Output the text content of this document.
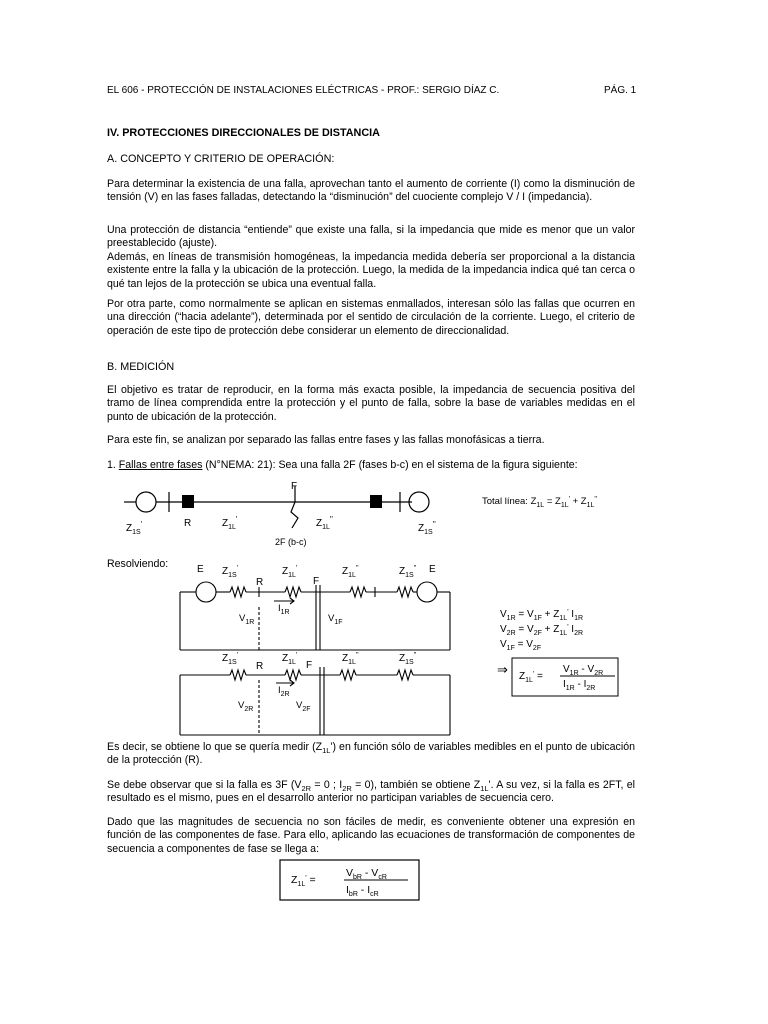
EL 606 - PROTECCIÓN DE INSTALACIONES ELÉCTRICAS - PROF.: SERGIO DÍAZ C.	PÁG. 1
IV. PROTECCIONES DIRECCIONALES DE DISTANCIA
A. CONCEPTO Y CRITERIO DE OPERACIÓN:

Para determinar la existencia de una falla, aprovechan tanto el aumento de corriente (I) como la disminución de tensión (V) en las fases falladas, detectando la “disminución” del cuociente complejo V / I (impedancia).

Una protección de distancia “entiende” que existe una falla, si la impedancia que mide es menor que un valor preestablecido (ajuste).

Además, en líneas de transmisión homogéneas, la impedancia medida debería ser proporcional a la distancia existente entre la falla y la ubicación de la protección. Luego, la medida de la impedancia indica qué tan cerca o qué tan lejos de la protección se ubica una eventual falla.

Por otra parte, como normalmente se aplican en sistemas enmallados, interesan sólo las fallas que ocurren en una dirección (“hacia adelante”), determinada por el sentido de circulación de la corriente. Luego, el criterio de operación de este tipo de protección debe considerar un elemento de direccionalidad.

B. MEDICIÓN

El objetivo es tratar de reproducir, en la forma más exacta posible, la impedancia de secuencia positiva del tramo de línea comprendida entre la protección y el punto de falla, sobre la base de variables medidas en el punto de ubicación de la protección.

Para este fin, se analizan por separado las fallas entre fases y las fallas monofásicas a tierra.

1. Fallas entre fases (N°NEMA: 21): Sea una falla 2F (fases b-c) en el sistema de la figura siguiente:
F
R
$Z_{1S}'$	$Z_{1L}'$	$Z_{1L}''$
$Z_{1S}''$
2F (b-c)
Total línea: $Z_{1L} = Z_{1L}' + Z_{1L}''$
Resolviendo:	E	E
$Z_{1S}'$	$Z_{1L}'$	$Z_{1L}''$	$Z_{1S}''$
R	F
$I_{1R}$
$V_{1R}$	$V_{1F}$
$Z_{1S}'$	$Z_{1L}'$	$Z_{1L}''$	$Z_{1S}''$
R	F
$I_{2R}$
$V_{2R}$	$V_{2F}$
$V_{1R} = V_{1F} + Z_{1L}'$ $I_{1R}$
$V_{2R} = V_{2F} + Z_{1L}'$ $I_{2R}$
$V_{1F} = V_{2F}$
⇒ $Z_{1L}'$ =
$V_{1R} - V_{2R}$
$I_{1R} - I_{2R}$

Es decir, se obtiene lo que se quería medir $(Z_{1L}')$ en función sólo de variables medibles en el punto de ubicación de la protección (R).

Se debe observar que si la falla es 3F ($V_{2R} = 0$ ; $I_{2R} = 0$), también se obtiene $Z_{1L}'$. A su vez, si la falla es 2FT, el resultado es el mismo, pues en el desarrollo anterior no participan variables de secuencia cero.

Dado que las magnitudes de secuencia no son fáciles de medir, es conveniente obtener una expresión en función de las componentes de fase. Para ello, aplicando las ecuaciones de transformación de componentes de secuencia a componentes de fase se llega a:

$Z_{1L}'$ =
$V_{bR} - V_{cR}$
$I_{bR} - I_{cR}$
